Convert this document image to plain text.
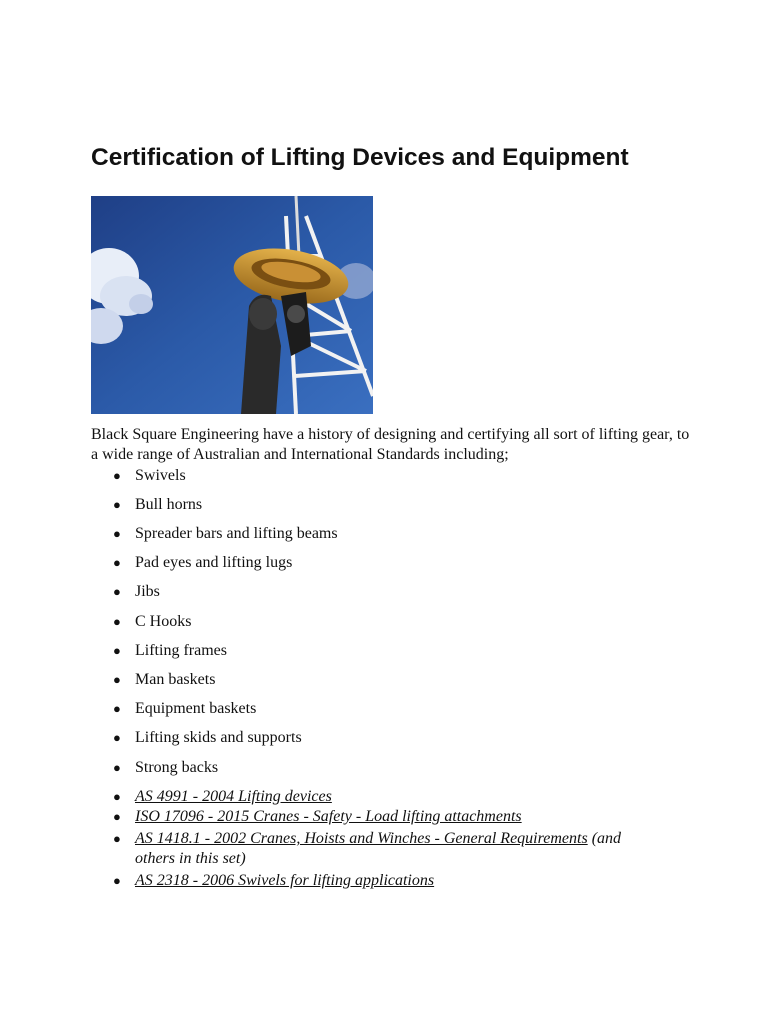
Certification of Lifting Devices and Equipment

Black Square Engineering have a history of designing and certifying all sort of lifting gear, to a wide range of Australian and International Standards including;

● Swivels
● Bull horns
● Spreader bars and lifting beams
● Pad eyes and lifting lugs
● Jibs
● C Hooks
● Lifting frames
● Man baskets
● Equipment baskets
● Lifting skids and supports
● Strong backs
● AS 4991 - 2004 Lifting devices
● ISO 17096 - 2015 Cranes - Safety - Load lifting attachments
● AS 1418.1 - 2002 Cranes, Hoists and Winches - General Requirements (and
others in this set)
● AS 2318 - 2006 Swivels for lifting applications
